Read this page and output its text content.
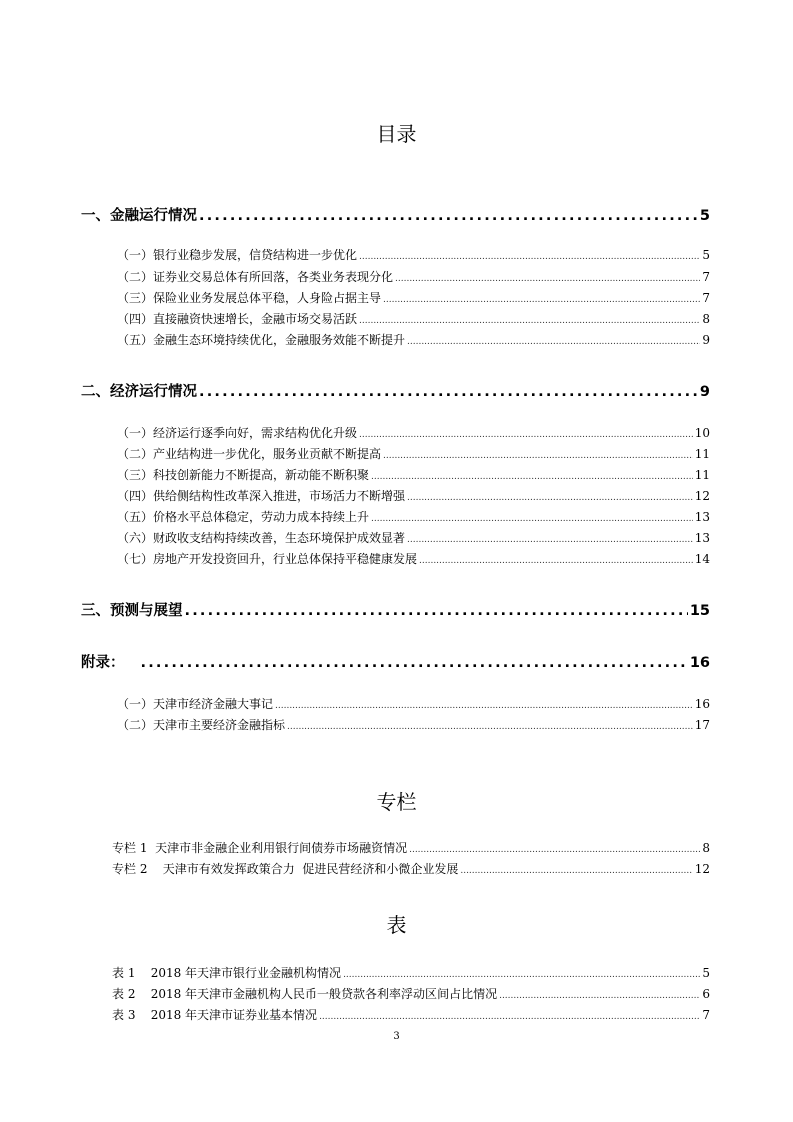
目录
一、金融运行情况 .....	5
（一）银行业稳步发展，信贷结构进一步优化 .....	5
（二）证券业交易总体有所回落，各类业务表现分化 .....	7
（三）保险业业务发展总体平稳，人身险占据主导 .....	7
（四）直接融资快速增长，金融市场交易活跃 .....	8
（五）金融生态环境持续优化，金融服务效能不断提升 .....	9
二、经济运行情况 .....	9
（一）经济运行逐季向好，需求结构优化升级 .....	10
（二）产业结构进一步优化，服务业贡献不断提高 .....	11
（三）科技创新能力不断提高，新动能不断积聚 .....	11
（四）供给侧结构性改革深入推进，市场活力不断增强 .....	12
（五）价格水平总体稳定，劳动力成本持续上升 .....	13
（六）财政收支结构持续改善，生态环境保护成效显著 .....	13
（七）房地产开发投资回升，行业总体保持平稳健康发展 .....	14
三、预测与展望 .....	15
附录： .....	16
（一）天津市经济金融大事记 .....	16
（二）天津市主要经济金融指标 .....	17
专栏
专栏 1  天津市非金融企业利用银行间债券市场融资情况 .....	8
专栏 2    天津市有效发挥政策合力  促进民营经济和小微企业发展 .....	12
表
表 1    2018 年天津市银行业金融机构情况 .....	5
表 2    2018 年天津市金融机构人民币一般贷款各利率浮动区间占比情况 .....	6
表 3    2018 年天津市证券业基本情况 .....	7
3
